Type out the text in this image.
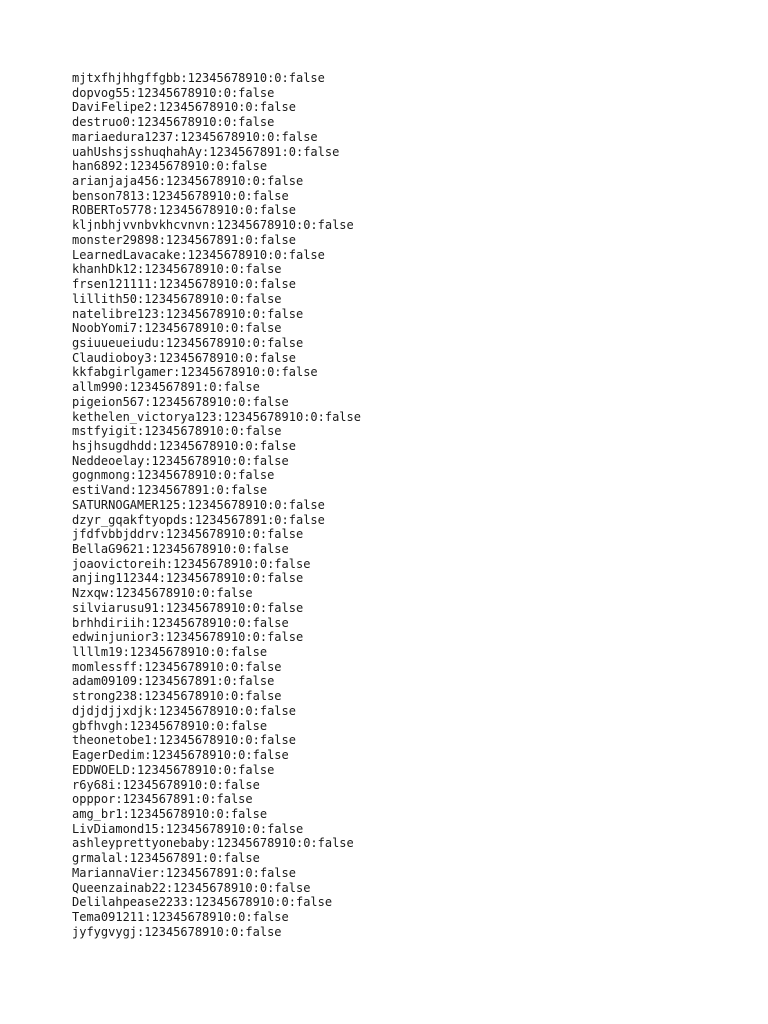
mjtxfhjhhgffgbb:12345678910:0:false
dopvog55:12345678910:0:false
DaviFelipe2:12345678910:0:false
destruo0:12345678910:0:false
mariaedura1237:12345678910:0:false
uahUshsjsshuqhahAy:1234567891:0:false
han6892:12345678910:0:false
arianjaja456:12345678910:0:false
benson7813:12345678910:0:false
ROBERTo5778:12345678910:0:false
kljnbhjvvnbvkhcvnvn:12345678910:0:false
monster29898:1234567891:0:false
LearnedLavacake:12345678910:0:false
khanhDk12:12345678910:0:false
frsen121111:12345678910:0:false
lillith50:12345678910:0:false
natelibre123:12345678910:0:false
NoobYomi7:12345678910:0:false
gsiuueueiudu:12345678910:0:false
Claudioboy3:12345678910:0:false
kkfabgirlgamer:12345678910:0:false
allm990:1234567891:0:false
pigeion567:12345678910:0:false
kethelen_victorya123:12345678910:0:false
mstfyigit:12345678910:0:false
hsjhsugdhdd:12345678910:0:false
Neddeoelay:12345678910:0:false
gognmong:12345678910:0:false
estiVand:1234567891:0:false
SATURNOGAMER125:12345678910:0:false
dzyr_gqakftyopds:1234567891:0:false
jfdfvbbjddrv:12345678910:0:false
BellaG9621:12345678910:0:false
joaovictoreih:12345678910:0:false
anjing112344:12345678910:0:false
Nzxqw:12345678910:0:false
silviarusu91:12345678910:0:false
brhhdiriih:12345678910:0:false
edwinjunior3:12345678910:0:false
llllm19:12345678910:0:false
momlessff:12345678910:0:false
adam09109:1234567891:0:false
strong238:12345678910:0:false
djdjdjjxdjk:12345678910:0:false
gbfhvgh:12345678910:0:false
theonetobe1:12345678910:0:false
EagerDedim:12345678910:0:false
EDDWOELD:12345678910:0:false
r6y68i:12345678910:0:false
opppor:1234567891:0:false
amg_br1:12345678910:0:false
LivDiamond15:12345678910:0:false
ashleyprettyonebaby:12345678910:0:false
grmalal:1234567891:0:false
MariannaVier:1234567891:0:false
Queenzainab22:12345678910:0:false
Delilahpease2233:12345678910:0:false
Tema091211:12345678910:0:false
jyfygvygj:12345678910:0:false
